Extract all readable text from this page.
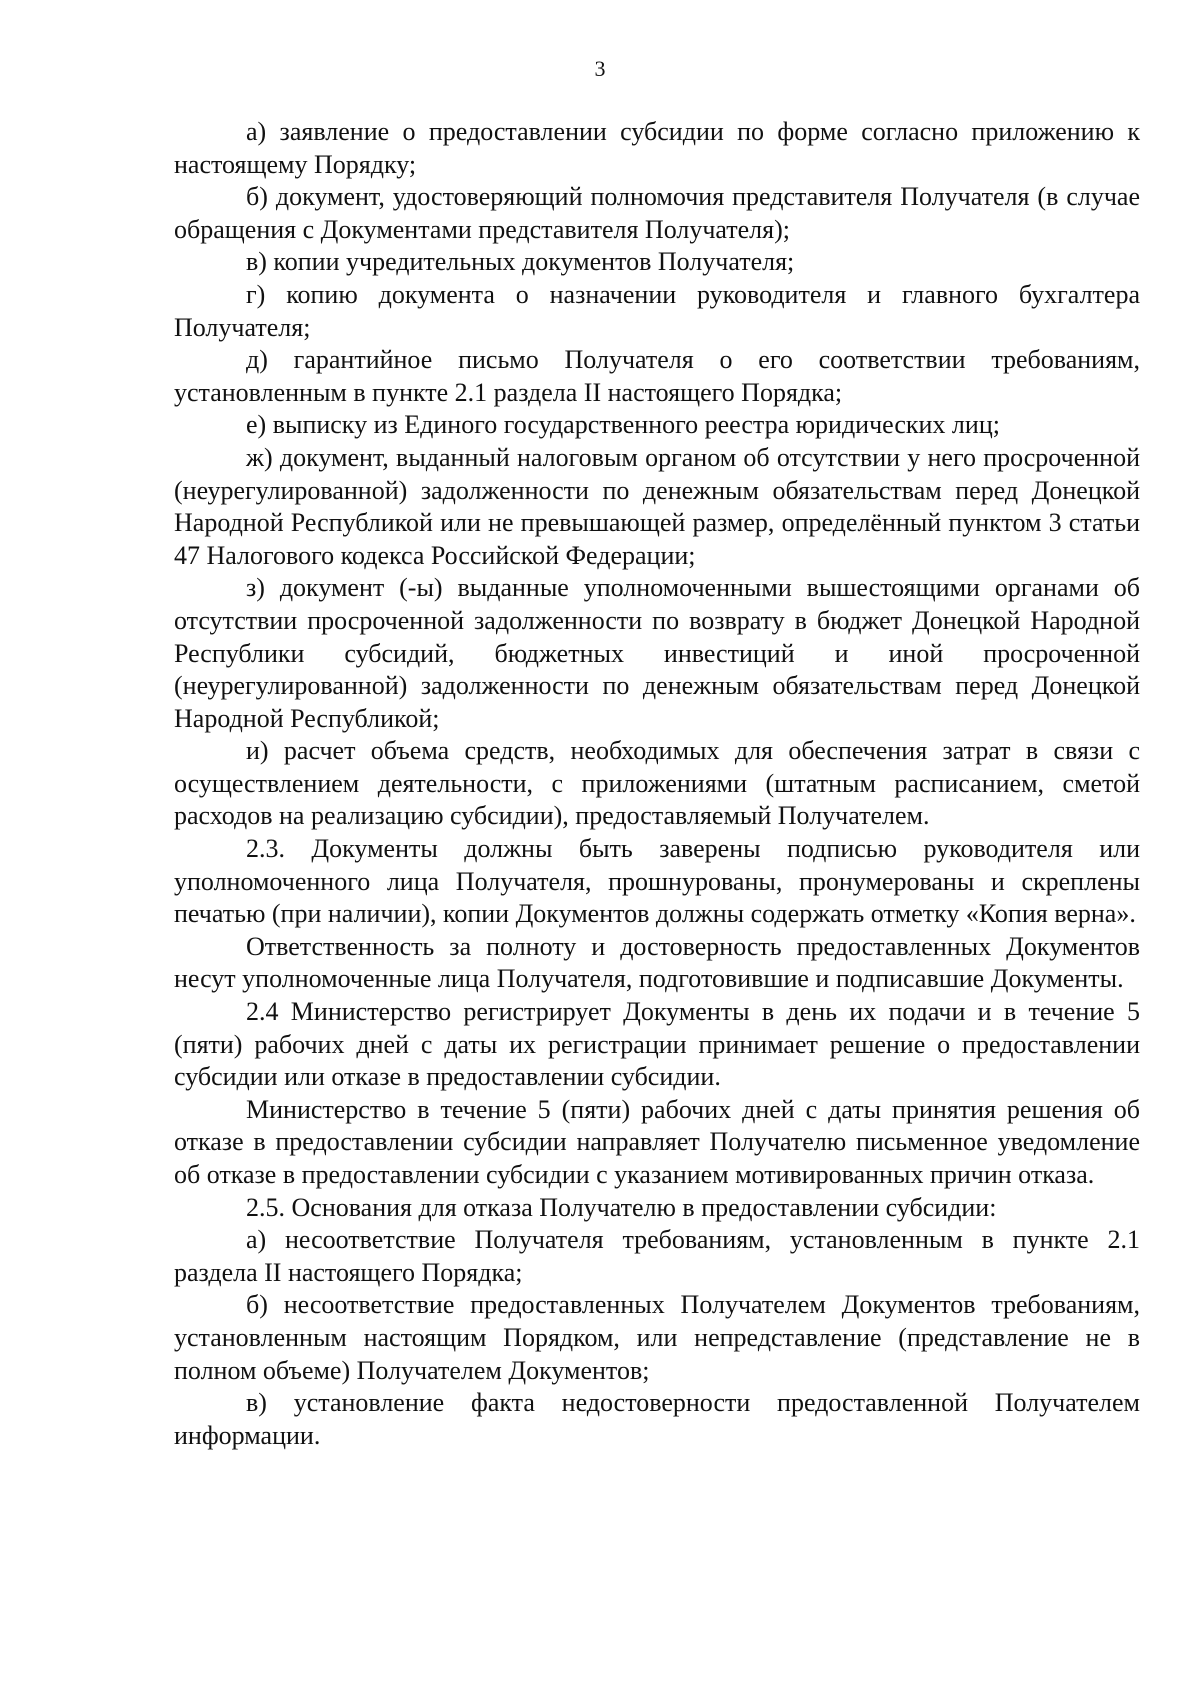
3

а) заявление о предоставлении субсидии по форме согласно приложению к настоящему Порядку;

б) документ, удостоверяющий полномочия представителя Получателя (в случае обращения с Документами представителя Получателя);

в) копии учредительных документов Получателя;

г) копию документа о назначении руководителя и главного бухгалтера Получателя;

д) гарантийное письмо Получателя о его соответствии требованиям, установленным в пункте 2.1 раздела II настоящего Порядка;

е) выписку из Единого государственного реестра юридических лиц;

ж) документ, выданный налоговым органом об отсутствии у него просроченной (неурегулированной) задолженности по денежным обязательствам перед Донецкой Народной Республикой или не превышающей размер, определённый пунктом 3 статьи 47 Налогового кодекса Российской Федерации;

з) документ (-ы) выданные уполномоченными вышестоящими органами об отсутствии просроченной задолженности по возврату в бюджет Донецкой Народной Республики субсидий, бюджетных инвестиций и иной просроченной (неурегулированной) задолженности по денежным обязательствам перед Донецкой Народной Республикой;

и) расчет объема средств, необходимых для обеспечения затрат в связи с осуществлением деятельности, с приложениями (штатным расписанием, сметой расходов на реализацию субсидии), предоставляемый Получателем.

2.3. Документы должны быть заверены подписью руководителя или уполномоченного лица Получателя, прошнурованы, пронумерованы и скреплены печатью (при наличии), копии Документов должны содержать отметку «Копия верна».

Ответственность за полноту и достоверность предоставленных Документов несут уполномоченные лица Получателя, подготовившие и подписавшие Документы.

2.4 Министерство регистрирует Документы в день их подачи и в течение 5 (пяти) рабочих дней с даты их регистрации принимает решение о предоставлении субсидии или отказе в предоставлении субсидии.

Министерство в течение 5 (пяти) рабочих дней с даты принятия решения об отказе в предоставлении субсидии направляет Получателю письменное уведомление об отказе в предоставлении субсидии с указанием мотивированных причин отказа.

2.5. Основания для отказа Получателю в предоставлении субсидии:

а) несоответствие Получателя требованиям, установленным в пункте 2.1 раздела II настоящего Порядка;

б) несоответствие предоставленных Получателем Документов требованиям, установленным настоящим Порядком, или непредставление (представление не в полном объеме) Получателем Документов;

в) установление факта недостоверности предоставленной Получателем информации.
